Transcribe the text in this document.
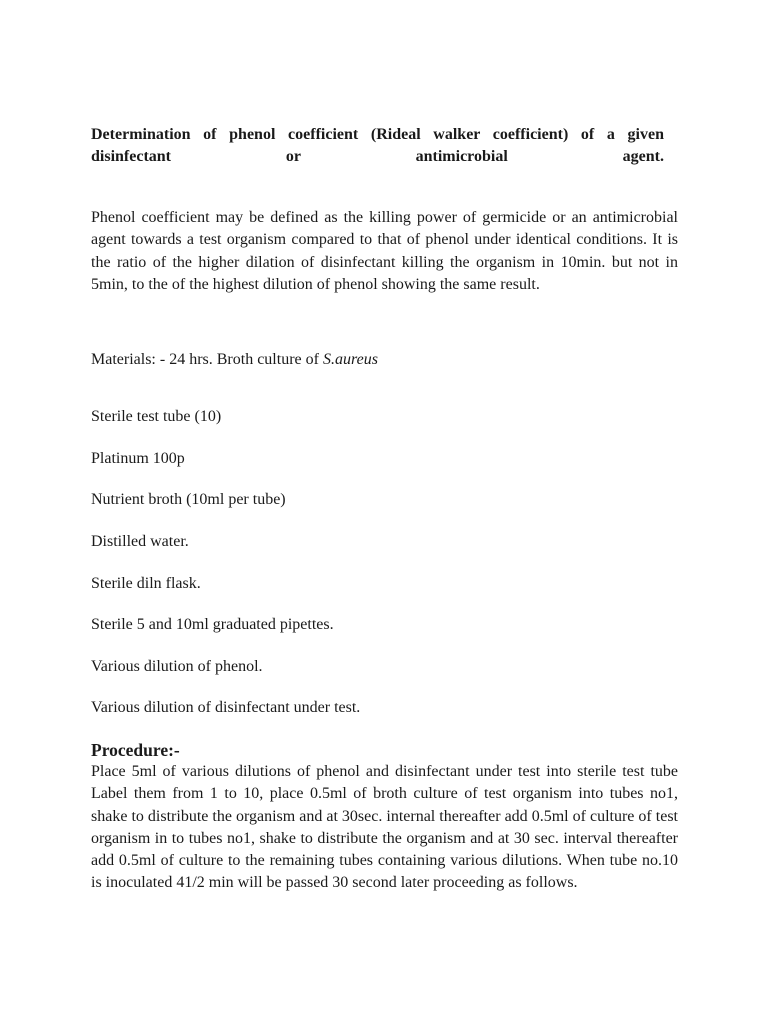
Determination of phenol coefficient (Rideal walker coefficient) of a given
disinfectant	or antimicrobial agent.

Phenol coefficient may be defined as the killing power of germicide or an antimicrobial agent towards a test organism compared to that of phenol under identical conditions. It is the ratio of the higher dilation of disinfectant killing the organism in 10min. but not in 5min, to the of the highest dilution of phenol showing the same result.

Materials: - 24 hrs. Broth culture of S.aureus

Sterile test tube (10)

Platinum 100p

Nutrient broth (10ml per tube)

Distilled water.

Sterile diln flask.

Sterile 5 and 10ml graduated pipettes.

Various dilution of phenol.

Various dilution of disinfectant under test.

Procedure:-

Place 5ml of various dilutions of phenol and disinfectant under test into sterile test tube Label them from 1 to 10, place 0.5ml of broth culture of test organism into tubes no1, shake to distribute the organism and at 30sec. internal thereafter add 0.5ml of culture of test organism in to tubes no1, shake to distribute the organism and at 30 sec. interval thereafter add 0.5ml of culture to the remaining tubes containing various dilutions. When tube no.10 is inoculated 41/2 min will be passed 30 second later proceeding as follows.
